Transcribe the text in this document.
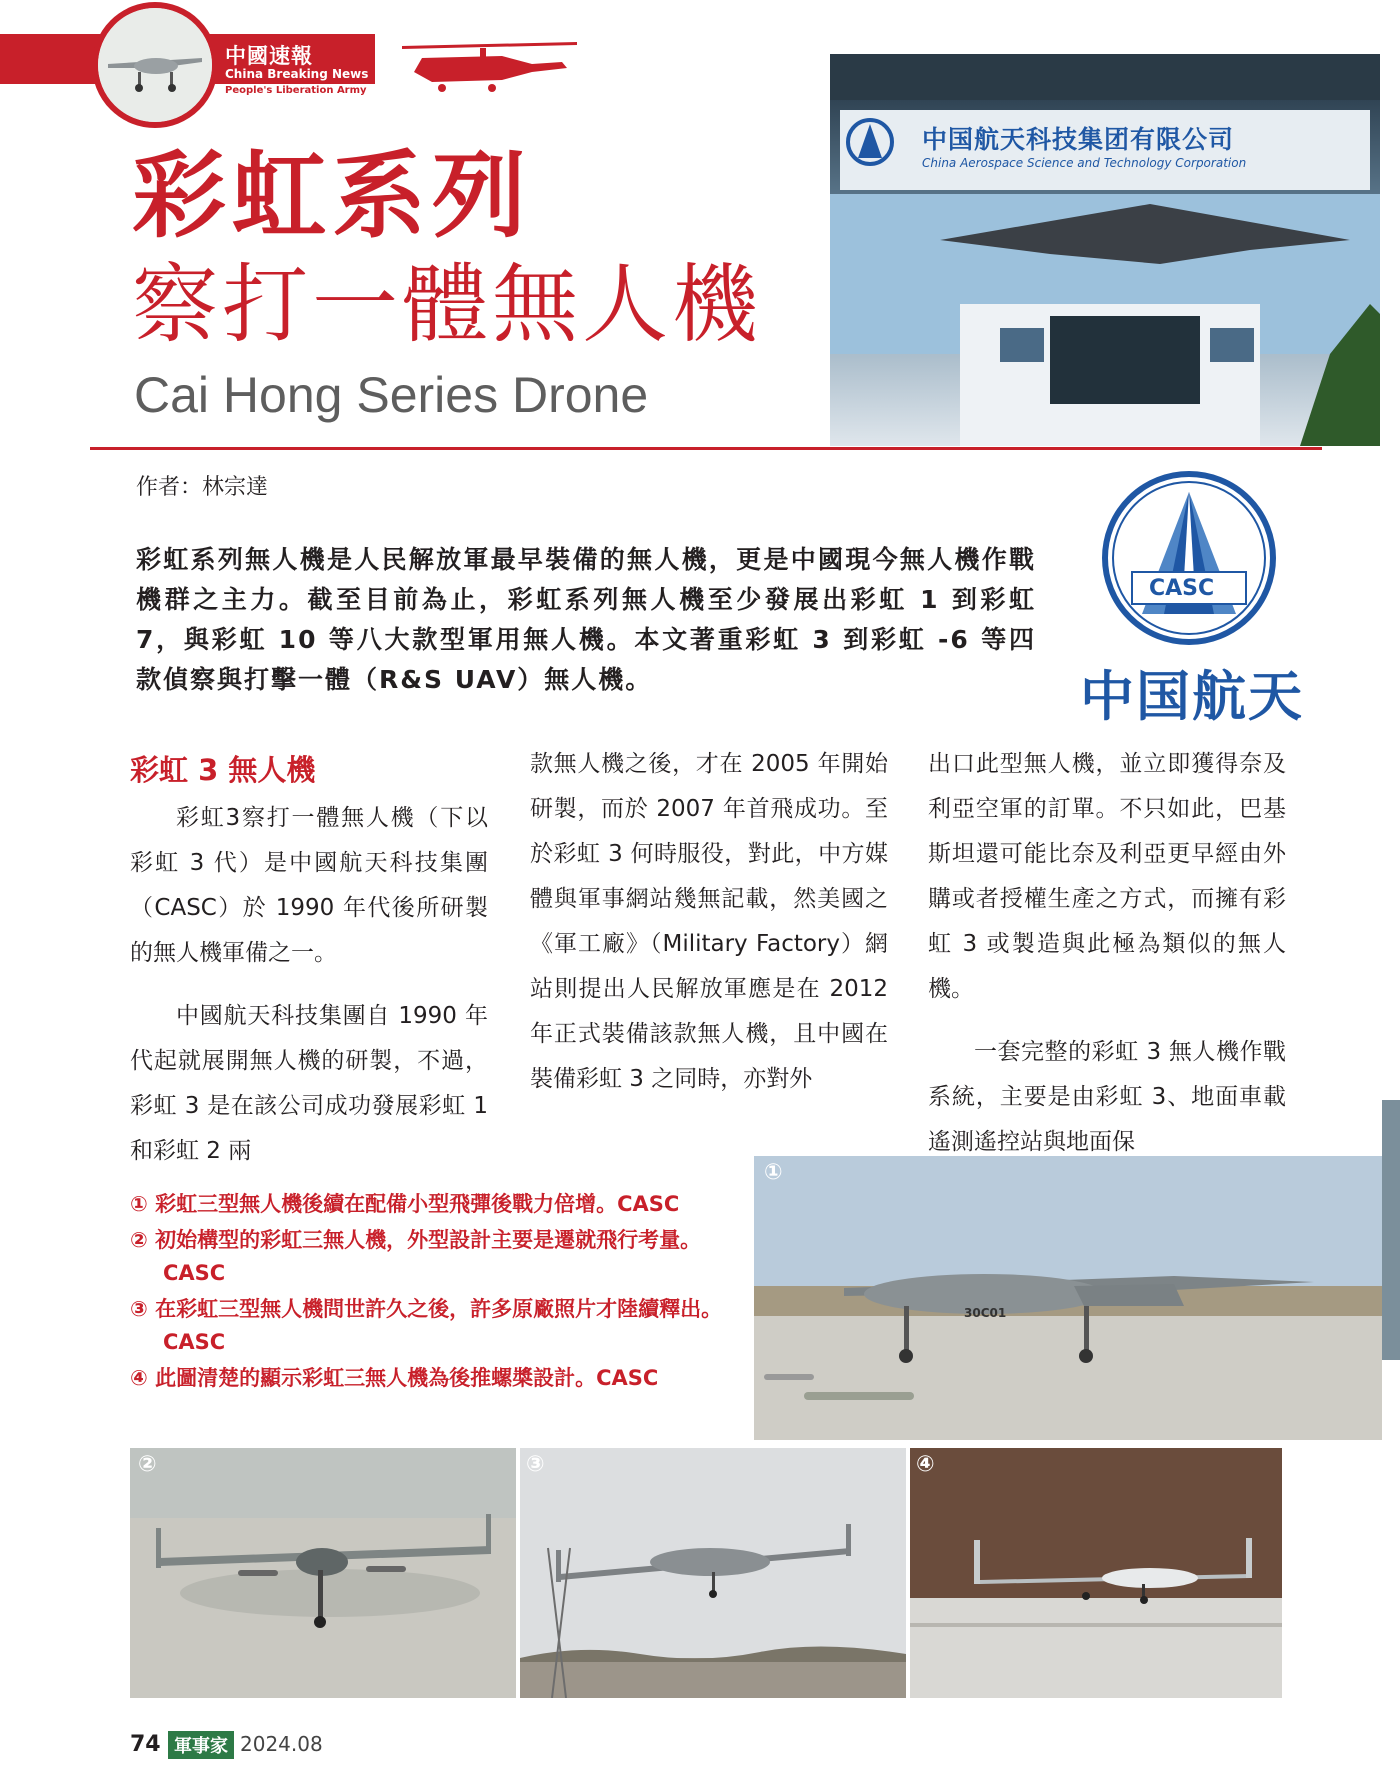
中國速報
China Breaking News
People's Liberation Army
彩虹系列
察打一體無人機
Cai Hong Series Drone
中国航天科技集团有限公司
China Aerospace Science and Technology Corporation
作者：林宗達
彩虹系列無人機是人民解放軍最早裝備的無人機，更是中國現今無人機作戰機群之主力。截至目前為止，彩虹系列無人機至少發展出彩虹 1 到彩虹 7，與彩虹 10 等八大款型軍用無人機。本文著重彩虹 3 到彩虹 -6 等四款偵察與打擊一體（R&S UAV）無人機。
CASC
中国航天
彩虹 3 無人機

彩虹3察打一體無人機（下以彩虹 3 代）是中國航天科技集團（CASC）於 1990 年代後所研製的無人機軍備之一。

中國航天科技集團自 1990 年代起就展開無人機的研製，不過，彩虹 3 是在該公司成功發展彩虹 1 和彩虹 2 兩

款無人機之後，才在 2005 年開始研製，而於 2007 年首飛成功。至於彩虹 3 何時服役，對此，中方媒體與軍事網站幾無記載，然美國之《軍工廠》（Military Factory）網站則提出人民解放軍應是在 2012 年正式裝備該款無人機，且中國在裝備彩虹 3 之同時，亦對外

出口此型無人機，並立即獲得奈及利亞空軍的訂單。不只如此，巴基斯坦還可能比奈及利亞更早經由外購或者授權生產之方式，而擁有彩虹 3 或製造與此極為類似的無人機。

一套完整的彩虹 3 無人機作戰系統，主要是由彩虹 3、地面車載遙測遙控站與地面保

① 彩虹三型無人機後續在配備小型飛彈後戰力倍增。CASC
② 初始構型的彩虹三無人機，外型設計主要是遷就飛行考量。CASC
③ 在彩虹三型無人機問世許久之後，許多原廠照片才陸續釋出。CASC
④ 此圖清楚的顯示彩虹三無人機為後推螺槳設計。CASC
30C01
①
②	③	④
74 軍事家 2024.08
